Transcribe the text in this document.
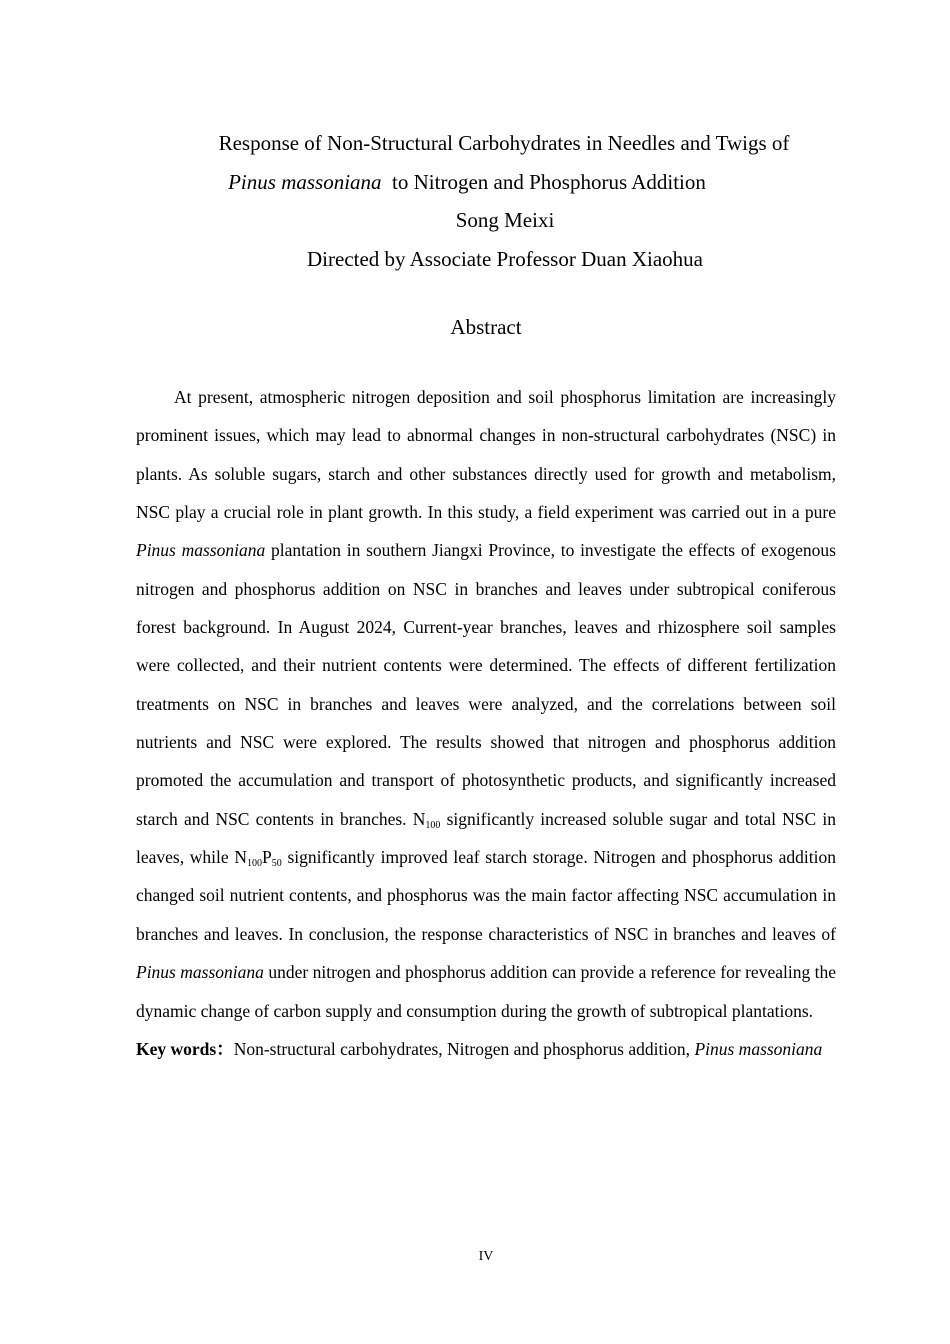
Response of Non-Structural Carbohydrates in Needles and Twigs of
Pinus massoniana  to Nitrogen and Phosphorus Addition
Song Meixi
Directed by Associate Professor Duan Xiaohua
Abstract

At present, atmospheric nitrogen deposition and soil phosphorus limitation are increasingly prominent issues, which may lead to abnormal changes in non-structural carbohydrates (NSC) in plants. As soluble sugars, starch and other substances directly used for growth and metabolism, NSC play a crucial role in plant growth. In this study, a field experiment was carried out in a pure Pinus massoniana plantation in southern Jiangxi Province, to investigate the effects of exogenous nitrogen and phosphorus addition on NSC in branches and leaves under subtropical coniferous forest background. In August 2024, Current-year branches, leaves and rhizosphere soil samples were collected, and their nutrient contents were determined. The effects of different fertilization treatments on NSC in branches and leaves were analyzed, and the correlations between soil nutrients and NSC were explored. The results showed that nitrogen and phosphorus addition promoted the accumulation and transport of photosynthetic products, and significantly increased starch and NSC contents in branches. $N_{100}$ significantly increased soluble sugar and total NSC in leaves, while $N_{100}P_{50}$ significantly improved leaf starch storage. Nitrogen and phosphorus addition changed soil nutrient contents, and phosphorus was the main factor affecting NSC accumulation in branches and leaves. In conclusion, the response characteristics of NSC in branches and leaves of Pinus massoniana under nitrogen and phosphorus addition can provide a reference for revealing the dynamic change of carbon supply and consumption during the growth of subtropical plantations.

Key words：Non-structural carbohydrates, Nitrogen and phosphorus addition, Pinus massoniana

IV
